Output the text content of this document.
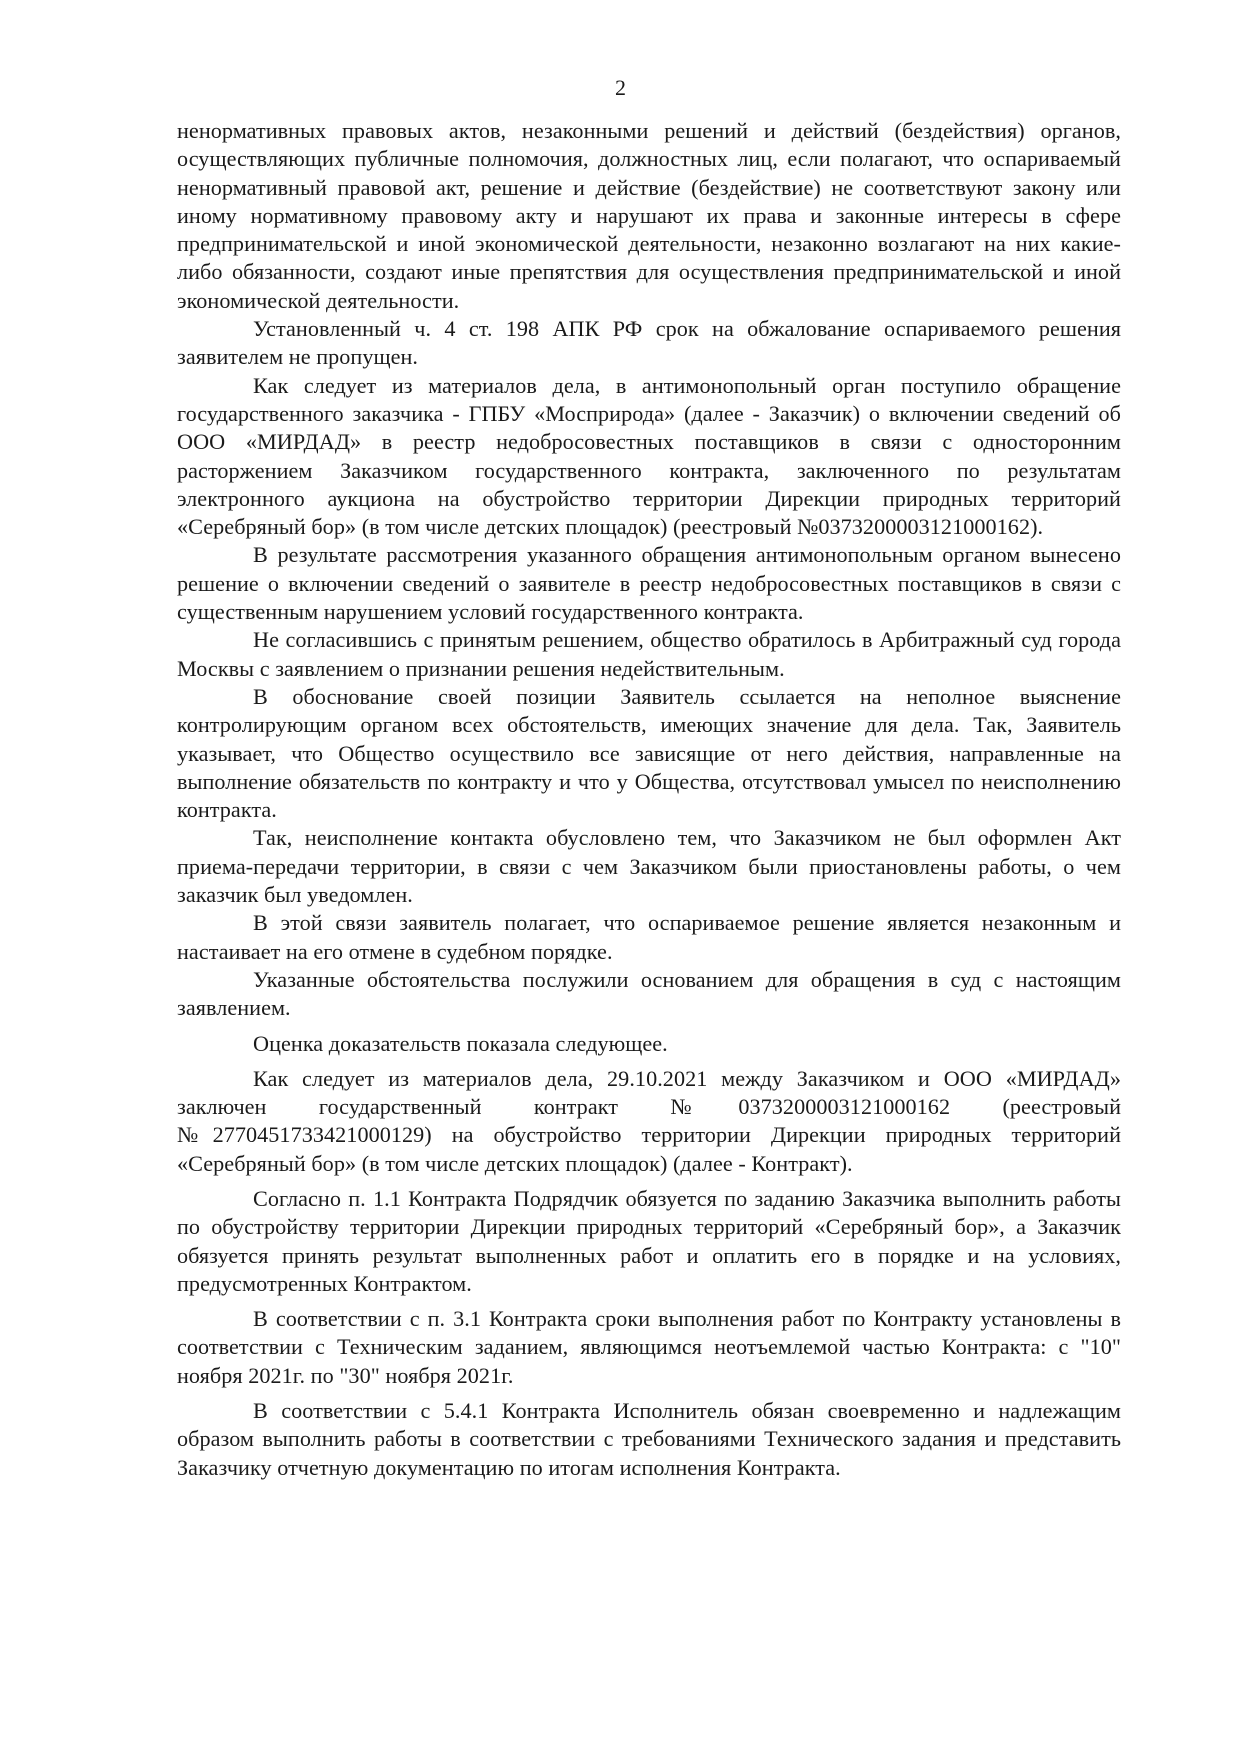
2

ненормативных правовых актов, незаконными решений и действий (бездействия) органов, осуществляющих публичные полномочия, должностных лиц, если полагают, что оспариваемый ненормативный правовой акт, решение и действие (бездействие) не соответствуют закону или иному нормативному правовому акту и нарушают их права и законные интересы в сфере предпринимательской и иной экономической деятельности, незаконно возлагают на них какие-либо обязанности, создают иные препятствия для осуществления предпринимательской и иной экономической деятельности.

Установленный ч. 4 ст. 198 АПК РФ срок на обжалование оспариваемого решения заявителем не пропущен.

Как следует из материалов дела, в антимонопольный орган поступило обращение государственного заказчика - ГПБУ «Мосприрода» (далее - Заказчик) о включении сведений об ООО «МИРДАД» в реестр недобросовестных поставщиков в связи с односторонним расторжением Заказчиком государственного контракта, заключенного по результатам электронного аукциона на обустройство территории Дирекции природных территорий «Серебряный бор» (в том числе детских площадок) (реестровый №0373200003121000162).

В результате рассмотрения указанного обращения антимонопольным органом вынесено решение о включении сведений о заявителе в реестр недобросовестных поставщиков в связи с существенным нарушением условий государственного контракта.

Не согласившись с принятым решением, общество обратилось в Арбитражный суд города Москвы с заявлением о признании решения недействительным.

В обоснование своей позиции Заявитель ссылается на неполное выяснение контролирующим органом всех обстоятельств, имеющих значение для дела. Так, Заявитель указывает, что Общество осуществило все зависящие от него действия, направленные на выполнение обязательств по контракту и что у Общества, отсутствовал умысел по неисполнению контракта.

Так, неисполнение контакта обусловлено тем, что Заказчиком не был оформлен Акт приема-передачи территории, в связи с чем Заказчиком были приостановлены работы, о чем заказчик был уведомлен.

В этой связи заявитель полагает, что оспариваемое решение является незаконным и настаивает на его отмене в судебном порядке.

Указанные обстоятельства послужили основанием для обращения в суд с настоящим заявлением.

Оценка доказательств показала следующее.

Как следует из материалов дела, 29.10.2021 между Заказчиком и ООО «МИРДАД» заключен государственный контракт №0373200003121000162 (реестровый №2770451733421000129) на обустройство территории Дирекции природных территорий «Серебряный бор» (в том числе детских площадок) (далее - Контракт).

Согласно п. 1.1 Контракта Подрядчик обязуется по заданию Заказчика выполнить работы по обустройству территории Дирекции природных территорий «Серебряный бор», а Заказчик обязуется принять результат выполненных работ и оплатить его в порядке и на условиях, предусмотренных Контрактом.

В соответствии с п. 3.1 Контракта сроки выполнения работ по Контракту установлены в соответствии с Техническим заданием, являющимся неотъемлемой частью Контракта: с "10" ноября 2021г. по "30" ноября 2021г.

В соответствии с 5.4.1 Контракта Исполнитель обязан своевременно и надлежащим образом выполнить работы в соответствии с требованиями Технического задания и представить Заказчику отчетную документацию по итогам исполнения Контракта.
